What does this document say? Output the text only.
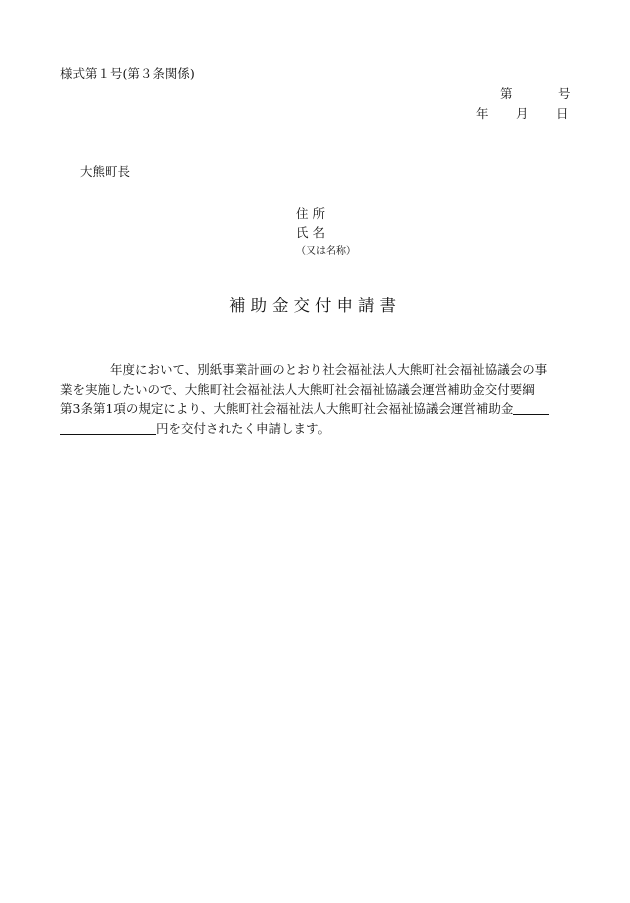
様式第１号(第３条関係)
第	号
年 月 日
大熊町長
住 所
氏 名
（又は名称）
補助金交付申請書

　　　　年度において、別紙事業計画のとおり社会福祉法人大熊町社会福祉協議会の事

業を実施したいので、大熊町社会福祉法人大熊町社会福祉協議会運営補助金交付要綱

第3条第1項の規定により、大熊町社会福祉法人大熊町社会福祉協議会運営補助金

円を交付されたく申請します。
